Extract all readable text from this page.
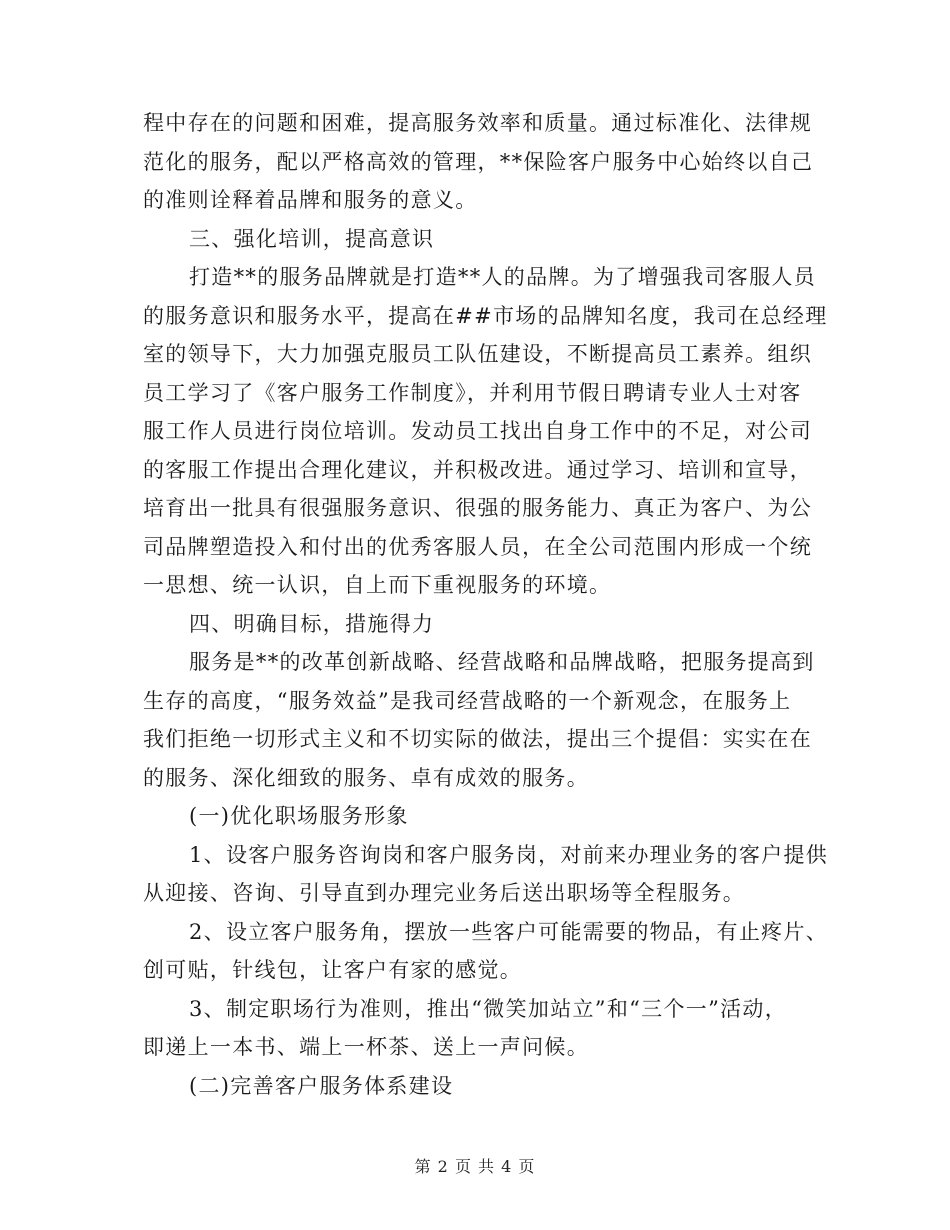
程中存在的问题和困难，提高服务效率和质量。通过标准化、法律规
范化的服务，配以严格高效的管理，**保险客户服务中心始终以自己
的准则诠释着品牌和服务的意义。
三、强化培训，提高意识
打造**的服务品牌就是打造**人的品牌。为了增强我司客服人员
的服务意识和服务水平，提高在##市场的品牌知名度，我司在总经理
室的领导下，大力加强克服员工队伍建设，不断提高员工素养。组织
员工学习了《客户服务工作制度》，并利用节假日聘请专业人士对客
服工作人员进行岗位培训。发动员工找出自身工作中的不足，对公司
的客服工作提出合理化建议，并积极改进。通过学习、培训和宣导，
培育出一批具有很强服务意识、很强的服务能力、真正为客户、为公
司品牌塑造投入和付出的优秀客服人员，在全公司范围内形成一个统
一思想、统一认识，自上而下重视服务的环境。
四、明确目标，措施得力
服务是**的改革创新战略、经营战略和品牌战略，把服务提高到
生存的高度，“服务效益”是我司经营战略的一个新观念，在服务上
我们拒绝一切形式主义和不切实际的做法，提出三个提倡：实实在在
的服务、深化细致的服务、卓有成效的服务。
(一)优化职场服务形象
1、设客户服务咨询岗和客户服务岗，对前来办理业务的客户提供
从迎接、咨询、引导直到办理完业务后送出职场等全程服务。
2、设立客户服务角，摆放一些客户可能需要的物品，有止疼片、
创可贴，针线包，让客户有家的感觉。
3、制定职场行为准则，推出“微笑加站立”和“三个一”活动，
即递上一本书、端上一杯茶、送上一声问候。
(二)完善客户服务体系建设
第 2 页 共 4 页
